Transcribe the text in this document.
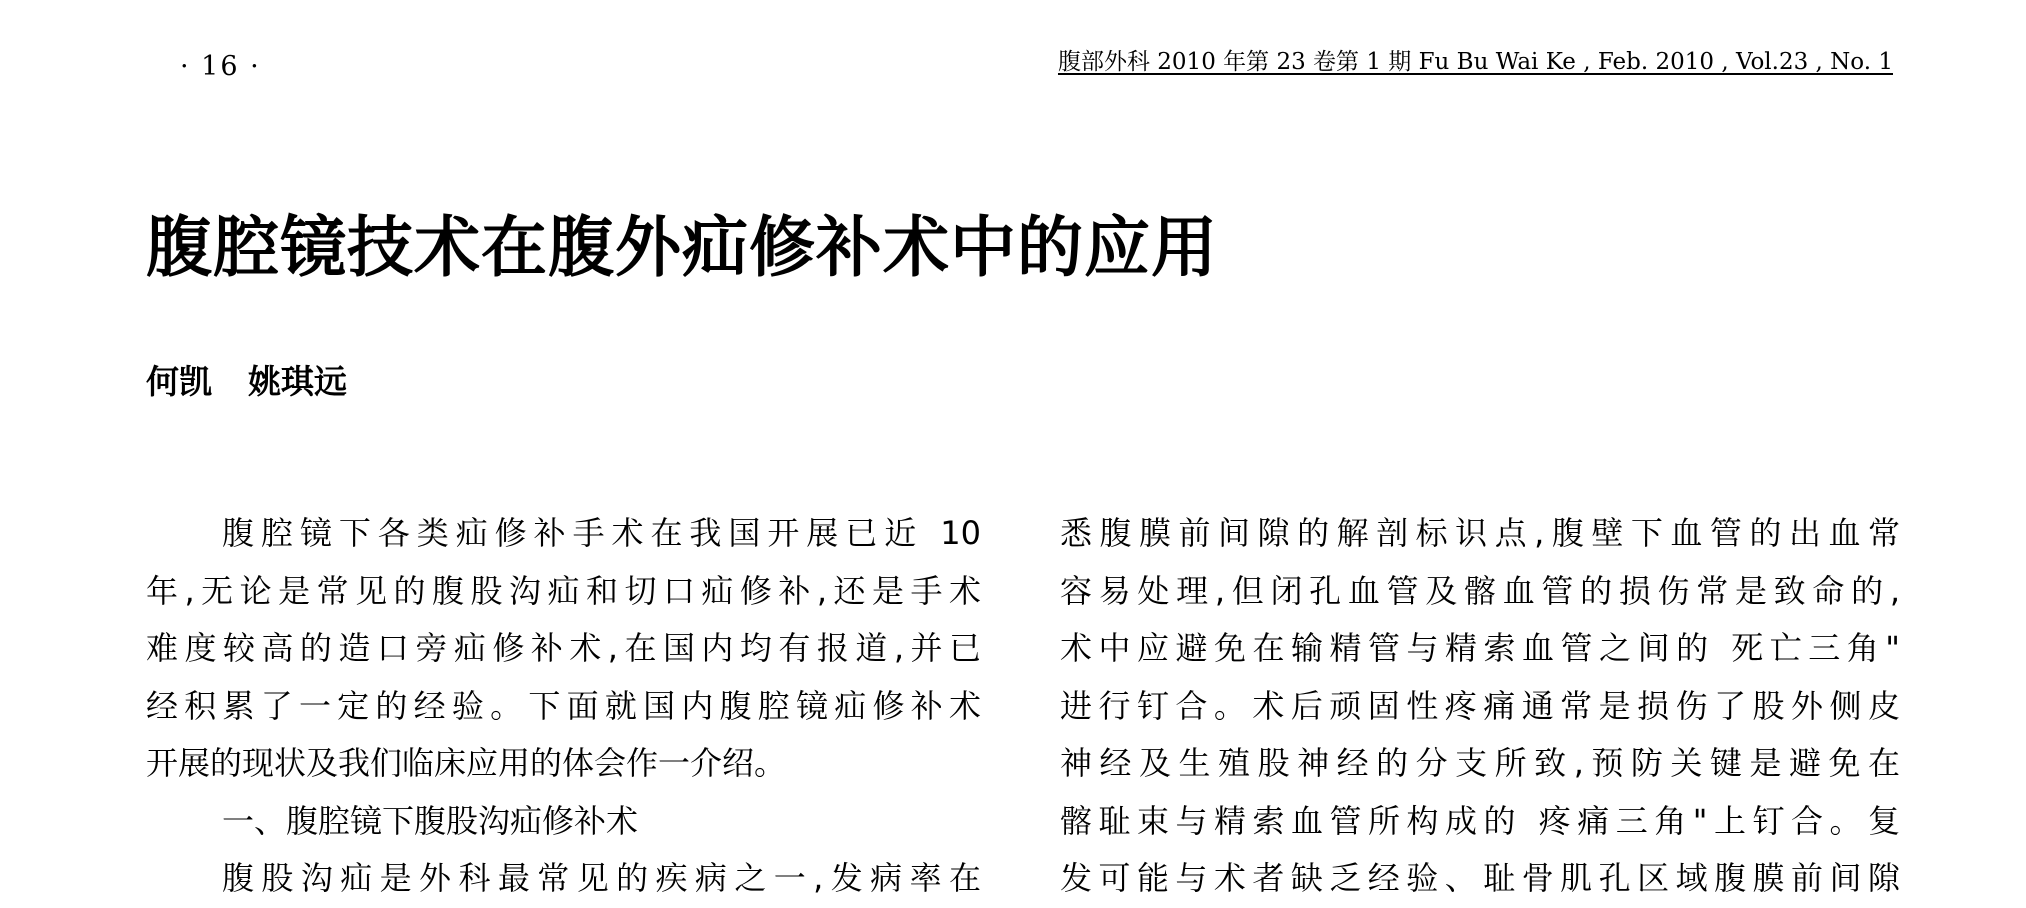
· 16 ·	腹部外科 2010 年第 23 卷第 1 期 Fu Bu Wai Ke , Feb. 2010 , Vol.23 , No. 1
腹腔镜技术在腹外疝修补术中的应用
何凯 姚琪远
腹腔镜下各类疝修补手术在我国开展已近 10
年,无论是常见的腹股沟疝和切口疝修补,还是手术
难度较高的造口旁疝修补术,在国内均有报道,并已
经积累了一定的经验。下面就国内腹腔镜疝修补术
开展的现状及我们临床应用的体会作一介绍。
一、腹腔镜下腹股沟疝修补术
腹股沟疝是外科最常见的疾病之一,发病率在
悉腹膜前间隙的解剖标识点,腹壁下血管的出血常
容易处理,但闭孔血管及髂血管的损伤常是致命的,
术中应避免在输精管与精索血管之间的 死亡三角"
进行钉合。术后顽固性疼痛通常是损伤了股外侧皮
神经及生殖股神经的分支所致,预防关键是避免在
髂耻束与精索血管所构成的 疼痛三角"上钉合。复
发可能与术者缺乏经验、耻骨肌孔区域腹膜前间隙
